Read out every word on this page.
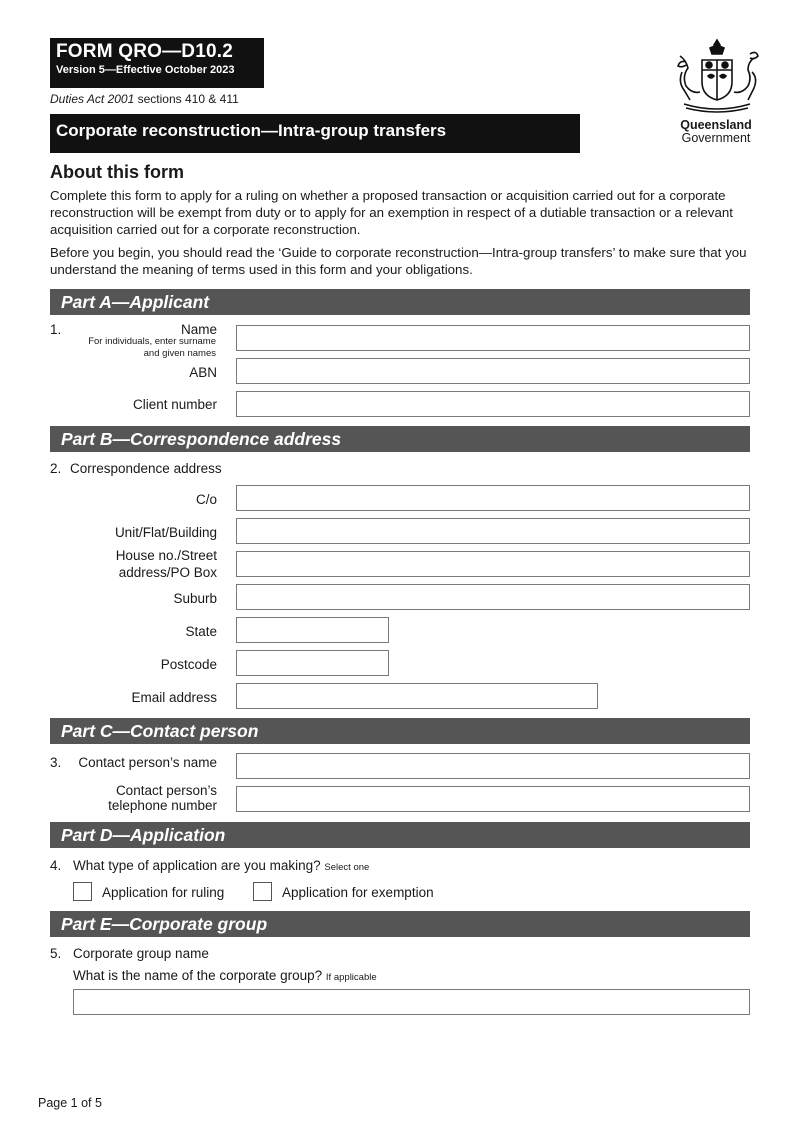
FORM QRO—D10.2
Version 5—Effective October 2023
Duties Act 2001 sections 410 & 411
Corporate reconstruction—Intra-group transfers	Queensland
Government
About this form
Complete this form to apply for a ruling on whether a proposed transaction or acquisition carried out for a corporate reconstruction will be exempt from duty or to apply for an exemption in respect of a dutiable transaction or a relevant acquisition carried out for a corporate reconstruction.
Before you begin, you should read the ‘Guide to corporate reconstruction—Intra-group transfers’ to make sure that you understand the meaning of terms used in this form and your obligations.
Part A—Applicant
1.	Name
For individuals, enter surname and given names
ABN
Client number
Part B—Correspondence address
2. Correspondence address
C/o
Unit/Flat/Building
House no./Street
address/PO Box
Suburb
State
Postcode
Email address
Part C—Contact person
3.	Contact person’s name
Contact person’s
telephone number
Part D—Application
4. What type of application are you making? Select one
Application for ruling	Application for exemption
Part E—Corporate group
5. Corporate group name
What is the name of the corporate group? If applicable
Page 1 of 5
